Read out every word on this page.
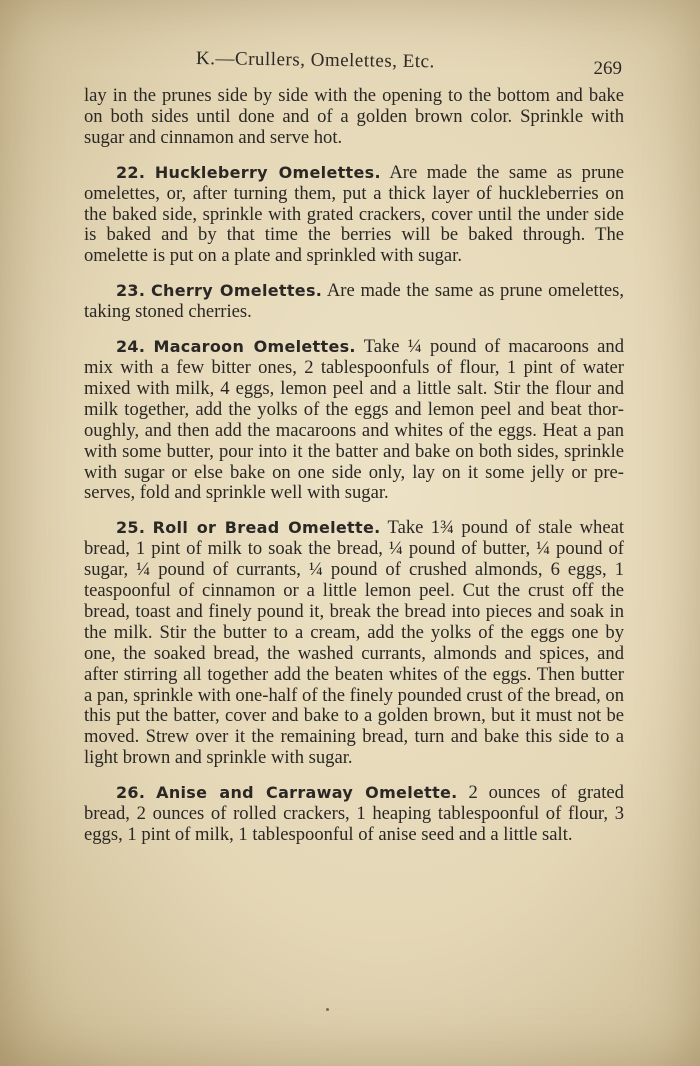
K.—Crullers, Omelettes, Etc.	269

lay in the prunes side by side with the opening to the bottom and bake on both sides until done and of a golden brown color. Sprinkle with sugar and cinnamon and serve hot.

22. Huckleberry Omelettes. Are made the same as prune omelettes, or, after turning them, put a thick layer of huckleberries on the baked side, sprinkle with grated crackers, cover until the under side is baked and by that time the berries will be baked through. The omelette is put on a plate and sprinkled with sugar.

23. Cherry Omelettes. Are made the same as prune omelettes, taking stoned cherries.

24. Macaroon Omelettes. Take ¼ pound of macaroons and mix with a few bitter ones, 2 tablespoonfuls of flour, 1 pint of water mixed with milk, 4 eggs, lemon peel and a little salt. Stir the flour and milk together, add the yolks of the eggs and lemon peel and beat thoroughly, and then add the macaroons and whites of the eggs. Heat a pan with some butter, pour into it the batter and bake on both sides, sprinkle with sugar or else bake on one side only, lay on it some jelly or preserves, fold and sprinkle well with sugar.

25. Roll or Bread Omelette. Take 1¾ pound of stale wheat bread, 1 pint of milk to soak the bread, ¼ pound of butter, ¼ pound of sugar, ¼ pound of currants, ¼ pound of crushed almonds, 6 eggs, 1 teaspoonful of cinnamon or a little lemon peel. Cut the crust off the bread, toast and finely pound it, break the bread into pieces and soak in the milk. Stir the butter to a cream, add the yolks of the eggs one by one, the soaked bread, the washed currants, almonds and spices, and after stirring all together add the beaten whites of the eggs. Then butter a pan, sprinkle with one-half of the finely pounded crust of the bread, on this put the batter, cover and bake to a golden brown, but it must not be moved. Strew over it the remaining bread, turn and bake this side to a light brown and sprinkle with sugar.

26. Anise and Carraway Omelette. 2 ounces of grated bread, 2 ounces of rolled crackers, 1 heaping tablespoonful of flour, 3 eggs, 1 pint of milk, 1 tablespoonful of anise seed and a little salt.
